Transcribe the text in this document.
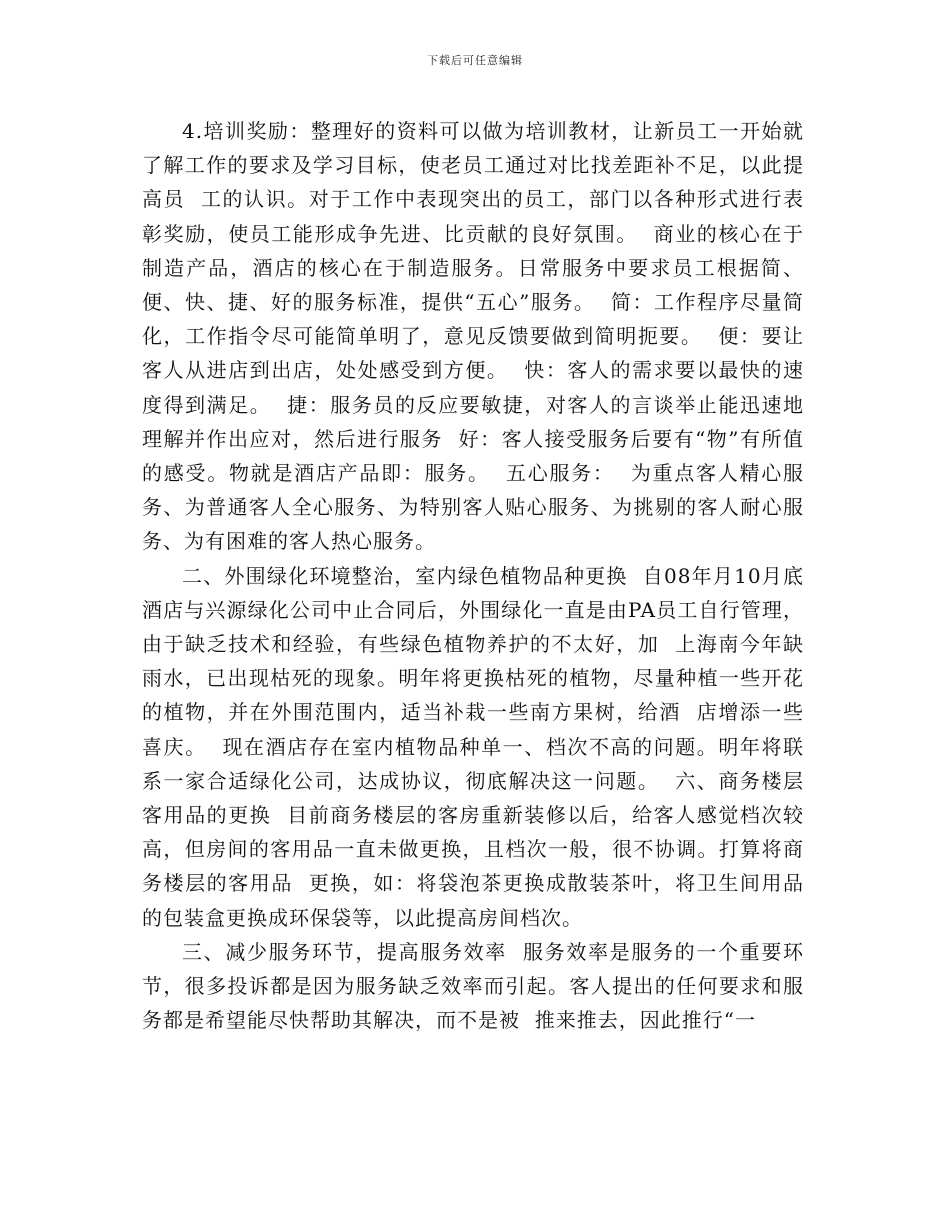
下载后可任意编辑

4.培训奖励：整理好的资料可以做为培训教材，让新员工一开始就了解工作的要求及学习目标，使老员工通过对比找差距补不足，以此提高员  工的认识。对于工作中表现突出的员工，部门以各种形式进行表彰奖励，使员工能形成争先进、比贡献的良好氛围。  商业的核心在于制造产品，酒店的核心在于制造服务。日常服务中要求员工根据简、便、快、捷、好的服务标准，提供“五心”服务。  简：工作程序尽量简化，工作指令尽可能简单明了，意见反馈要做到简明扼要。  便：要让客人从进店到出店，处处感受到方便。  快：客人的需求要以最快的速度得到满足。  捷：服务员的反应要敏捷，对客人的言谈举止能迅速地理解并作出应对，然后进行服务  好：客人接受服务后要有“物”有所值的感受。物就是酒店产品即：服务。  五心服务：  为重点客人精心服务、为普通客人全心服务、为特别客人贴心服务、为挑剔的客人耐心服务、为有困难的客人热心服务。

二、外围绿化环境整治，室内绿色植物品种更换  自08年月10月底酒店与兴源绿化公司中止合同后，外围绿化一直是由PA员工自行管理，由于缺乏技术和经验，有些绿色植物养护的不太好，加  上海南今年缺雨水，已出现枯死的现象。明年将更换枯死的植物，尽量种植一些开花的植物，并在外围范围内，适当补栽一些南方果树，给酒  店增添一些喜庆。  现在酒店存在室内植物品种单一、档次不高的问题。明年将联系一家合适绿化公司，达成协议，彻底解决这一问题。  六、商务楼层客用品的更换  目前商务楼层的客房重新装修以后，给客人感觉档次较高，但房间的客用品一直未做更换，且档次一般，很不协调。打算将商务楼层的客用品  更换，如：将袋泡茶更换成散装茶叶，将卫生间用品的包装盒更换成环保袋等，以此提高房间档次。

三、减少服务环节，提高服务效率  服务效率是服务的一个重要环节，很多投诉都是因为服务缺乏效率而引起。客人提出的任何要求和服务都是希望能尽快帮助其解决，而不是被  推来推去，因此推行“一
